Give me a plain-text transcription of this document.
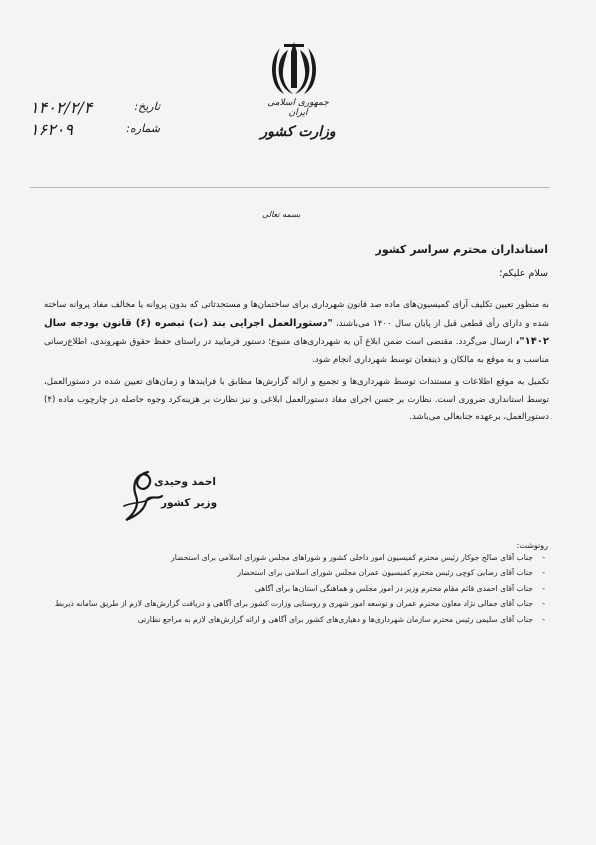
جمهوری اسلامی ایران
وزارت کشور
تاریخ:
۱۴۰۲/۲/۴
شماره:
۱۶۲۰۹
بسمه تعالی
استانداران محترم سراسر کشور
سلام علیکم؛
به منظور تعیین تکلیف آرای کمیسیون‌های ماده صد قانون شهرداری برای ساختمان‌ها و مستحدثاتی که بدون پروانه یا مخالف مفاد پروانه ساخته شده و دارای رأی قطعی قبل از پایان سال ۱۴۰۰ می‌باشند، "دستورالعمل اجرایی بند (ت) تبصره (۶) قانون بودجه سال ۱۴۰۲"، ارسال می‌گردد. مقتضی است ضمن ابلاغ آن به شهرداری‌های متبوع؛ دستور فرمایید در راستای حفظ حقوق شهروندی، اطلاع‌رسانی مناسب و به موقع به مالکان و ذینفعان توسط شهرداری انجام شود.
تکمیل به موقع اطلاعات و مستندات توسط شهرداری‌ها و تجمیع و ارائه گزارش‌ها مطابق با فرایندها و زمان‌های تعیین شده در دستورالعمل، توسط استانداری ضروری است. نظارت بر حسن اجرای مفاد دستورالعمل ابلاغی و نیز نظارت بر هزینه‌کرد وجوه حاصله در چارچوب ماده (۴) دستورالعمل، برعهده جنابعالی می‌باشد.
احمد وحیدی
وزیر کشور
رونوشت:
-
جناب آقای صالح جوکار رئیس محترم کمیسیون امور داخلی کشور و شوراهای مجلس شورای اسلامی برای استحضار
-
جناب آقای رضایی کوچی رئیس محترم کمیسیون عمران مجلس شورای اسلامی برای استحضار
-
جناب آقای احمدی قائم مقام محترم وزیر در امور مجلس و هماهنگی استان‌ها برای آگاهی
-
جناب آقای جمالی نژاد معاون محترم عمران و توسعه امور شهری و روستایی وزارت کشور برای آگاهی و دریافت گزارش‌های لازم از طریق سامانه ذیربط
-
جناب آقای سلیمی رئیس محترم سازمان شهرداری‌ها و دهیاری‌های کشور برای آگاهی و ارائه گزارش‌های لازم به مراجع نظارتی
